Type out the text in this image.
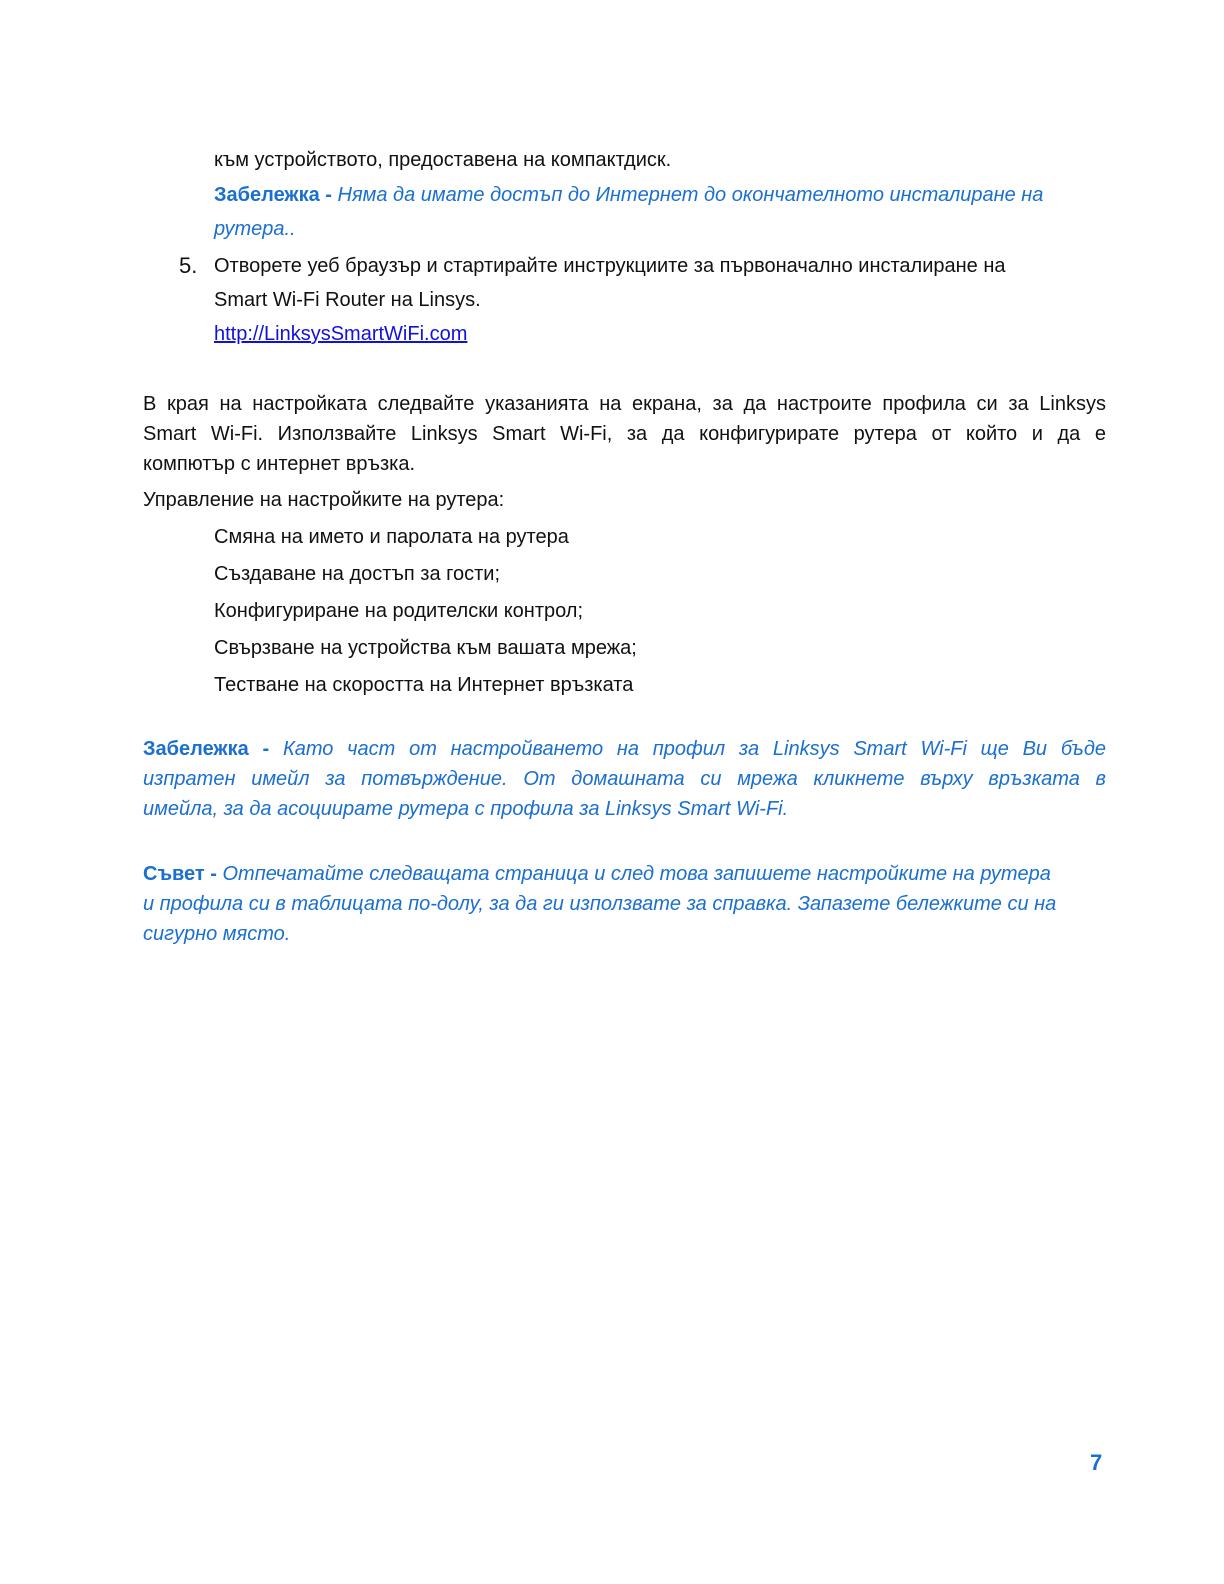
към устройството, предоставена на компактдиск.
Забележка - Няма да имате достъп до Интернет до окончателното инсталиране на
рутера..
5. Отворете уеб браузър и стартирайте инструкциите за първоначално инсталиране на
Smart Wi-Fi Router на Linsys.
http://LinksysSmartWiFi.com
В края на настройката следвайте указанията на екрана, за да настроите профила си за Linksys
Smart Wi-Fi. Използвайте Linksys Smart Wi-Fi, за да конфигурирате рутера от който и да е
компютър с интернет връзка.
Управление на настройките на рутера:
Смяна на името и паролата на рутера
Създаване на достъп за гости;
Конфигуриране на родителски контрол;
Свързване на устройства към вашата мрежа;
Тестване на скоростта на Интернет връзката
Забележка - Като част от настройването на профил за Linksys Smart Wi-Fi ще Ви бъде
изпратен имейл за потвърждение. От домашната си мрежа кликнете върху връзката в
имейла, за да асоциирате рутера с профила за Linksys Smart Wi-Fi.
Съвет - Отпечатайте следващата страница и след това запишете настройките на рутера
и профила си в таблицата по-долу, за да ги използвате за справка. Запазете бележките си на
сигурно място.
7
